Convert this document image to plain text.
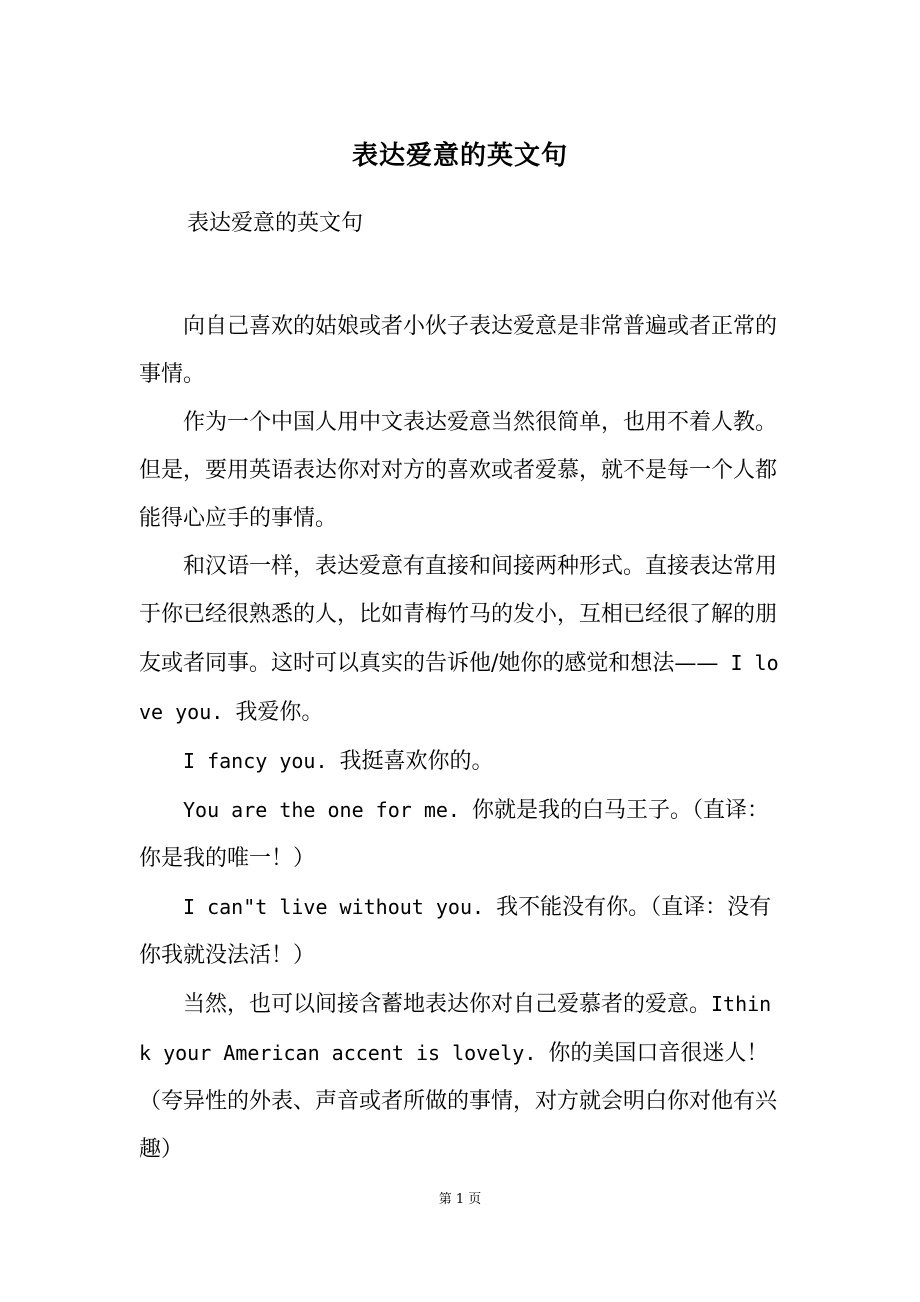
表达爱意的英文句
表达爱意的英文句

向自己喜欢的姑娘或者小伙子表达爱意是非常普遍或者正常的事情。

作为一个中国人用中文表达爱意当然很简单，也用不着人教。但是，要用英语表达你对对方的喜欢或者爱慕，就不是每一个人都能得心应手的事情。

和汉语一样，表达爱意有直接和间接两种形式。直接表达常用于你已经很熟悉的人，比如青梅竹马的发小，互相已经很了解的朋友或者同事。这时可以真实的告诉他/她你的感觉和想法—— I love you. 我爱你。

I fancy you. 我挺喜欢你的。

You are the one for me. 你就是我的白马王子。（直译：你是我的唯一！）

I can"t live without you. 我不能没有你。（直译：没有你我就没法活！）

当然，也可以间接含蓄地表达你对自己爱慕者的爱意。Ithink your American accent is lovely. 你的美国口音很迷人！（夸异性的外表、声音或者所做的事情，对方就会明白你对他有兴趣）

第 1 页
